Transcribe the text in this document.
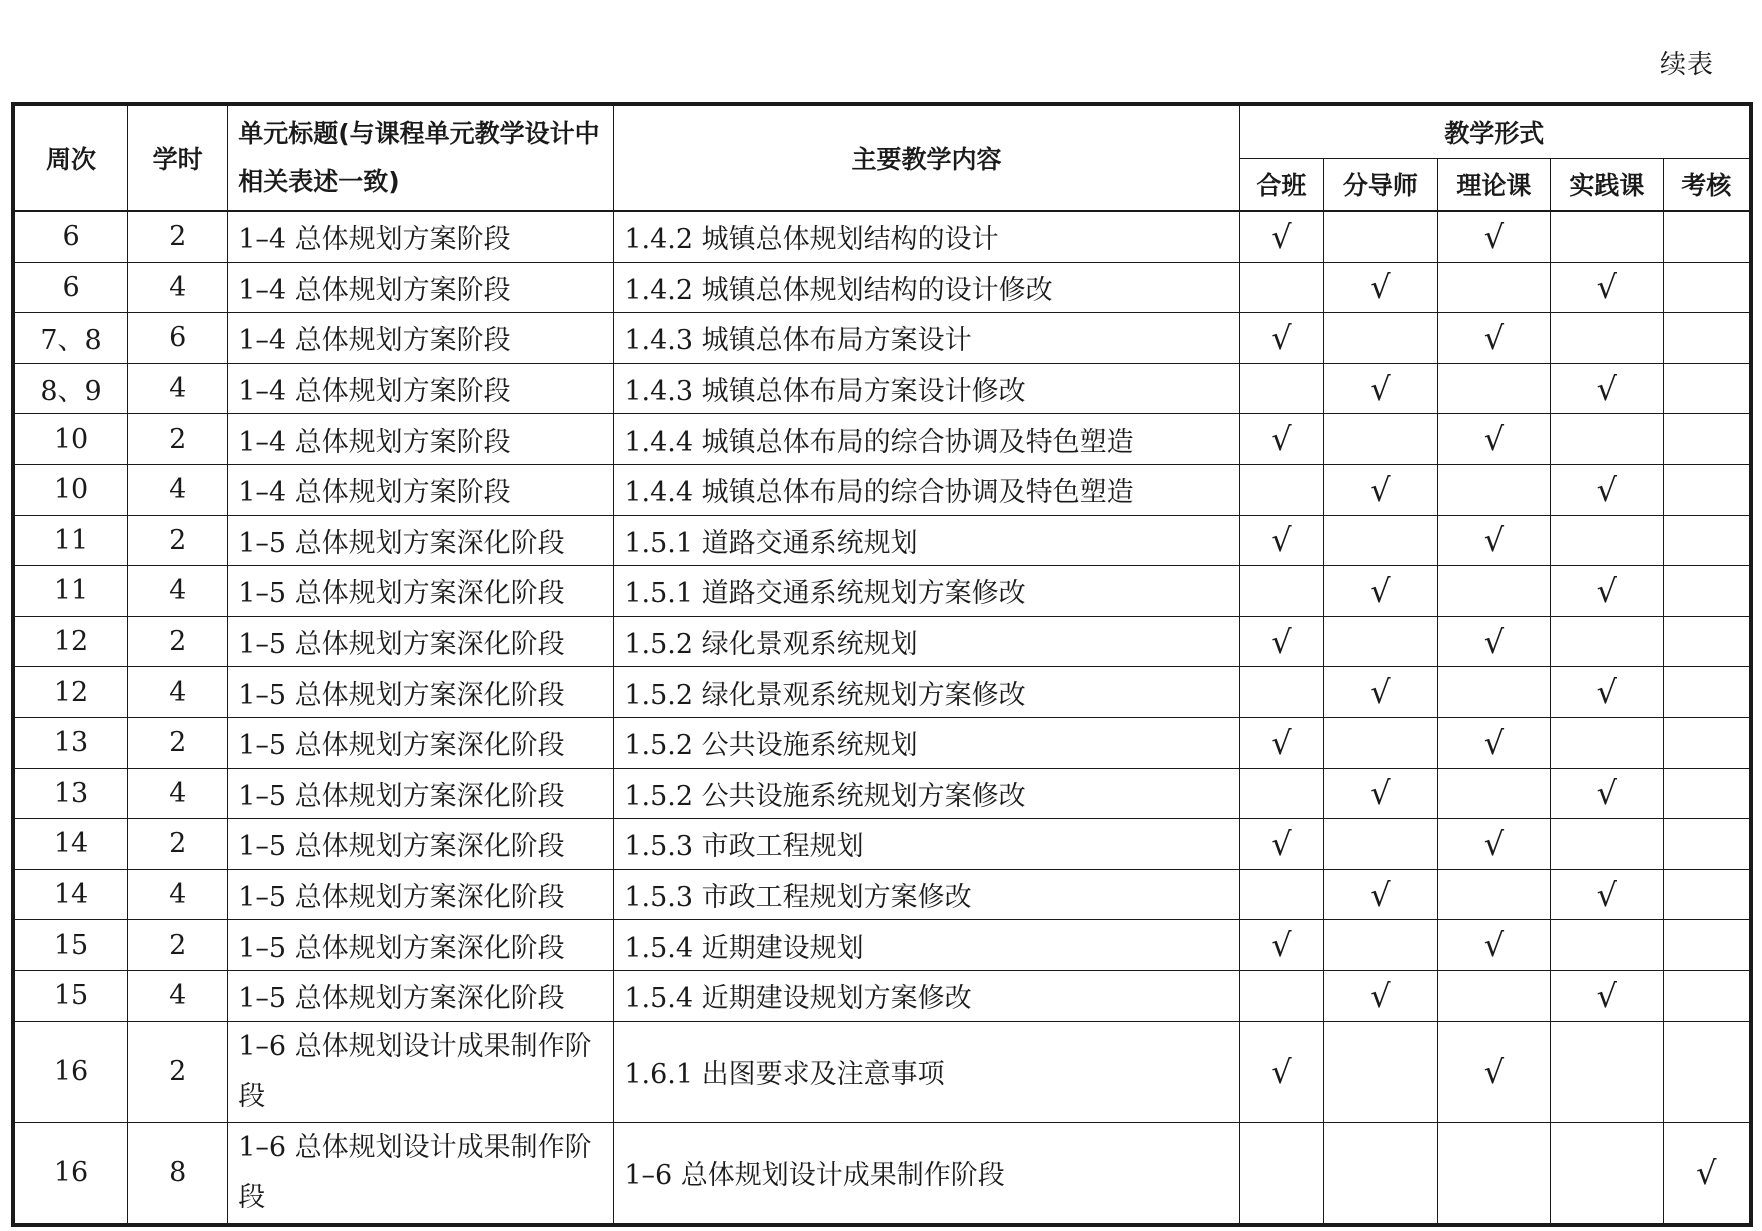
续表
周次	学时	单元标题(与课程单元教学设计中相关表述一致)	主要教学内容	教学形式				
				合班	分导师	理论课	实践课	考核
6	2	1–4 总体规划方案阶段	1.4.2 城镇总体规划结构的设计	√		√		
6	4	1–4 总体规划方案阶段	1.4.2 城镇总体规划结构的设计修改		√		√	
7、8	6	1–4 总体规划方案阶段	1.4.3 城镇总体布局方案设计	√		√		
8、9	4	1–4 总体规划方案阶段	1.4.3 城镇总体布局方案设计修改		√		√	
10	2	1–4 总体规划方案阶段	1.4.4 城镇总体布局的综合协调及特色塑造	√		√		
10	4	1–4 总体规划方案阶段	1.4.4 城镇总体布局的综合协调及特色塑造		√		√	
11	2	1–5 总体规划方案深化阶段	1.5.1 道路交通系统规划	√		√		
11	4	1–5 总体规划方案深化阶段	1.5.1 道路交通系统规划方案修改		√		√	
12	2	1–5 总体规划方案深化阶段	1.5.2 绿化景观系统规划	√		√		
12	4	1–5 总体规划方案深化阶段	1.5.2 绿化景观系统规划方案修改		√		√	
13	2	1–5 总体规划方案深化阶段	1.5.2 公共设施系统规划	√		√		
13	4	1–5 总体规划方案深化阶段	1.5.2 公共设施系统规划方案修改		√		√	
14	2	1–5 总体规划方案深化阶段	1.5.3 市政工程规划	√		√		
14	4	1–5 总体规划方案深化阶段	1.5.3 市政工程规划方案修改		√		√	
15	2	1–5 总体规划方案深化阶段	1.5.4 近期建设规划	√		√		
15	4	1–5 总体规划方案深化阶段	1.5.4 近期建设规划方案修改		√		√	
16	2	1–6 总体规划设计成果制作阶段	1.6.1 出图要求及注意事项	√		√		
16	8	1–6 总体规划设计成果制作阶段	1–6 总体规划设计成果制作阶段					√
